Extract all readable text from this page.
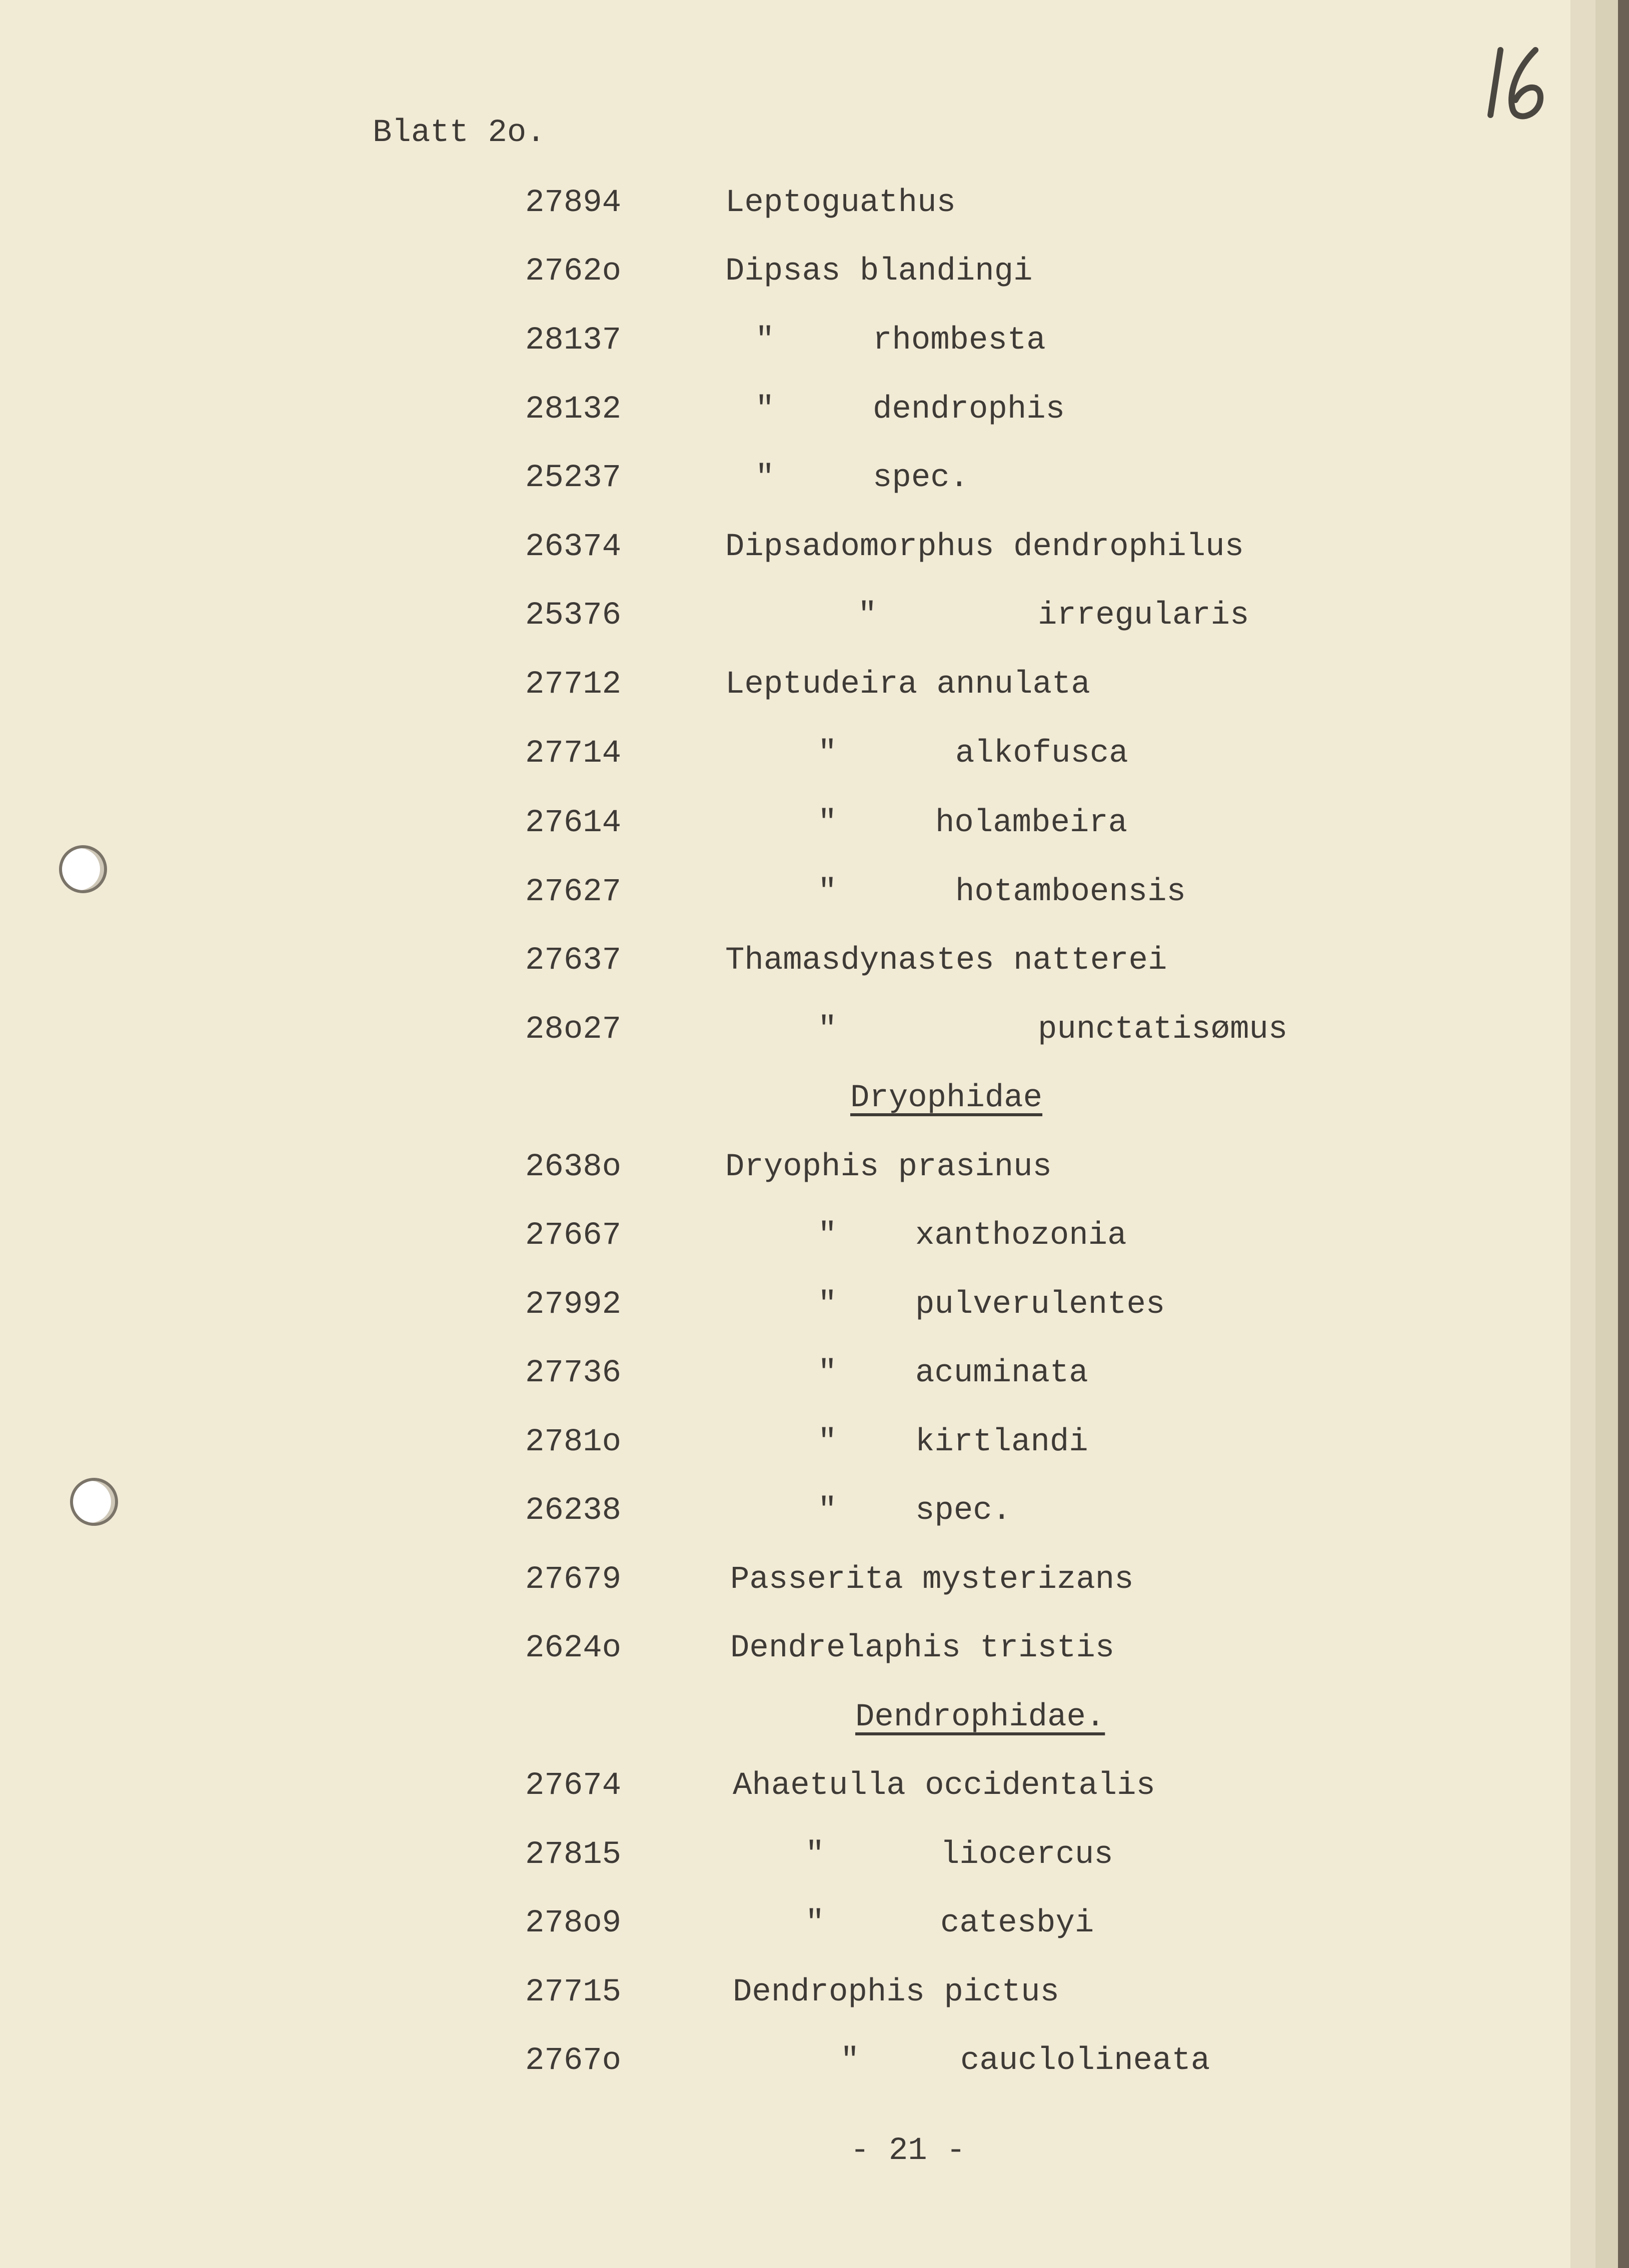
Blatt 2o.
27894	Leptoguathus
2762o	Dipsas blandingi
28137	"	rhombesta
28132	"	dendrophis
25237	"	spec.
26374	Dipsadomorphus dendrophilus
25376	"	irregularis
27712	Leptudeira annulata
27714	"	alkofusca
27614	"	holambeira
27627	"	hotamboensis
27637	Thamasdynastes natterei
28o27	"	punctatisømus
Dryophidae
2638o	Dryophis prasinus
27667	" xanthozonia
27992	" pulverulentes
27736	" acuminata
2781o	" kirtlandi
26238	" spec.
27679	Passerita mysterizans
2624o	Dendrelaphis tristis
Dendrophidae.
27674	Ahaetulla occidentalis
27815	"	liocercus
278o9	"	catesbyi
27715	Dendrophis pictus
2767o	"	cauclolineata
- 21 -
